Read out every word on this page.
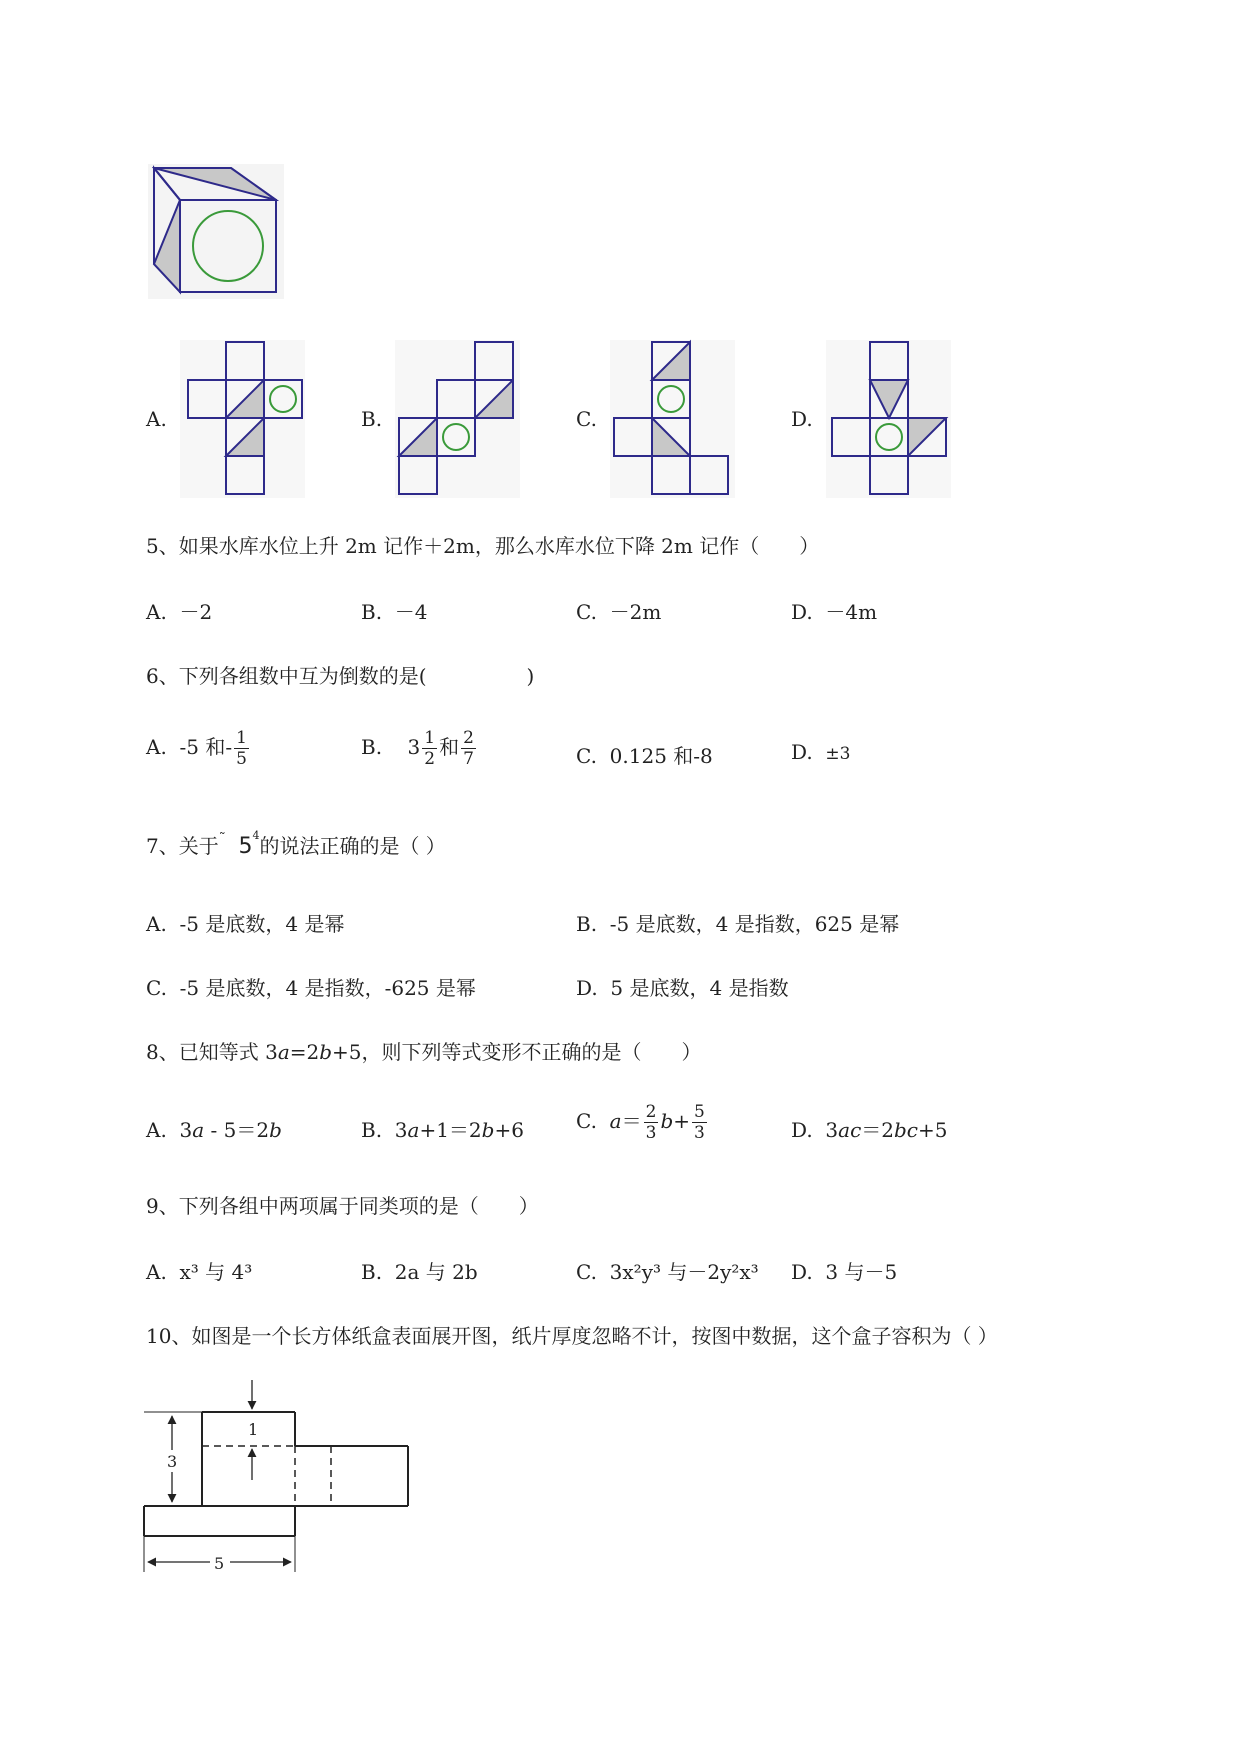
A.	B.	C.	D.
5、如果水库水位上升 2m 记作＋2m，那么水库水位下降 2m 记作（　　）
A. －2	B. －4	C. －2m	D. －4m
6、下列各组数中互为倒数的是(　　　　　)
A. -5 和- $\frac{1}{5}$	B. $3 \frac{1}{2}$ 和 $\frac{2}{7}$	C. 0.125 和-8	D. ±3
7、关于˜ $5^4$的说法正确的是（ ）
A. -5 是底数，4 是幂	B. -5 是底数，4 是指数，625 是幂
C. -5 是底数，4 是指数，-625 是幂	D. 5 是底数，4 是指数
8、已知等式 3a=2b+5，则下列等式变形不正确的是（　　）
A. 3a - 5＝2b	B. 3a+1＝2b+6	C. $a= \frac{2}{3} b+ \frac{5}{3}$	D. 3ac＝2bc+5
9、下列各组中两项属于同类项的是（　　）
A. x³ 与 4³	B. 2a 与 2b	C. 3x²y³ 与－2y²x³ D. 3 与－5
10、如图是一个长方体纸盒表面展开图，纸片厚度忽略不计，按图中数据，这个盒子容积为（ ）
3
1
5
